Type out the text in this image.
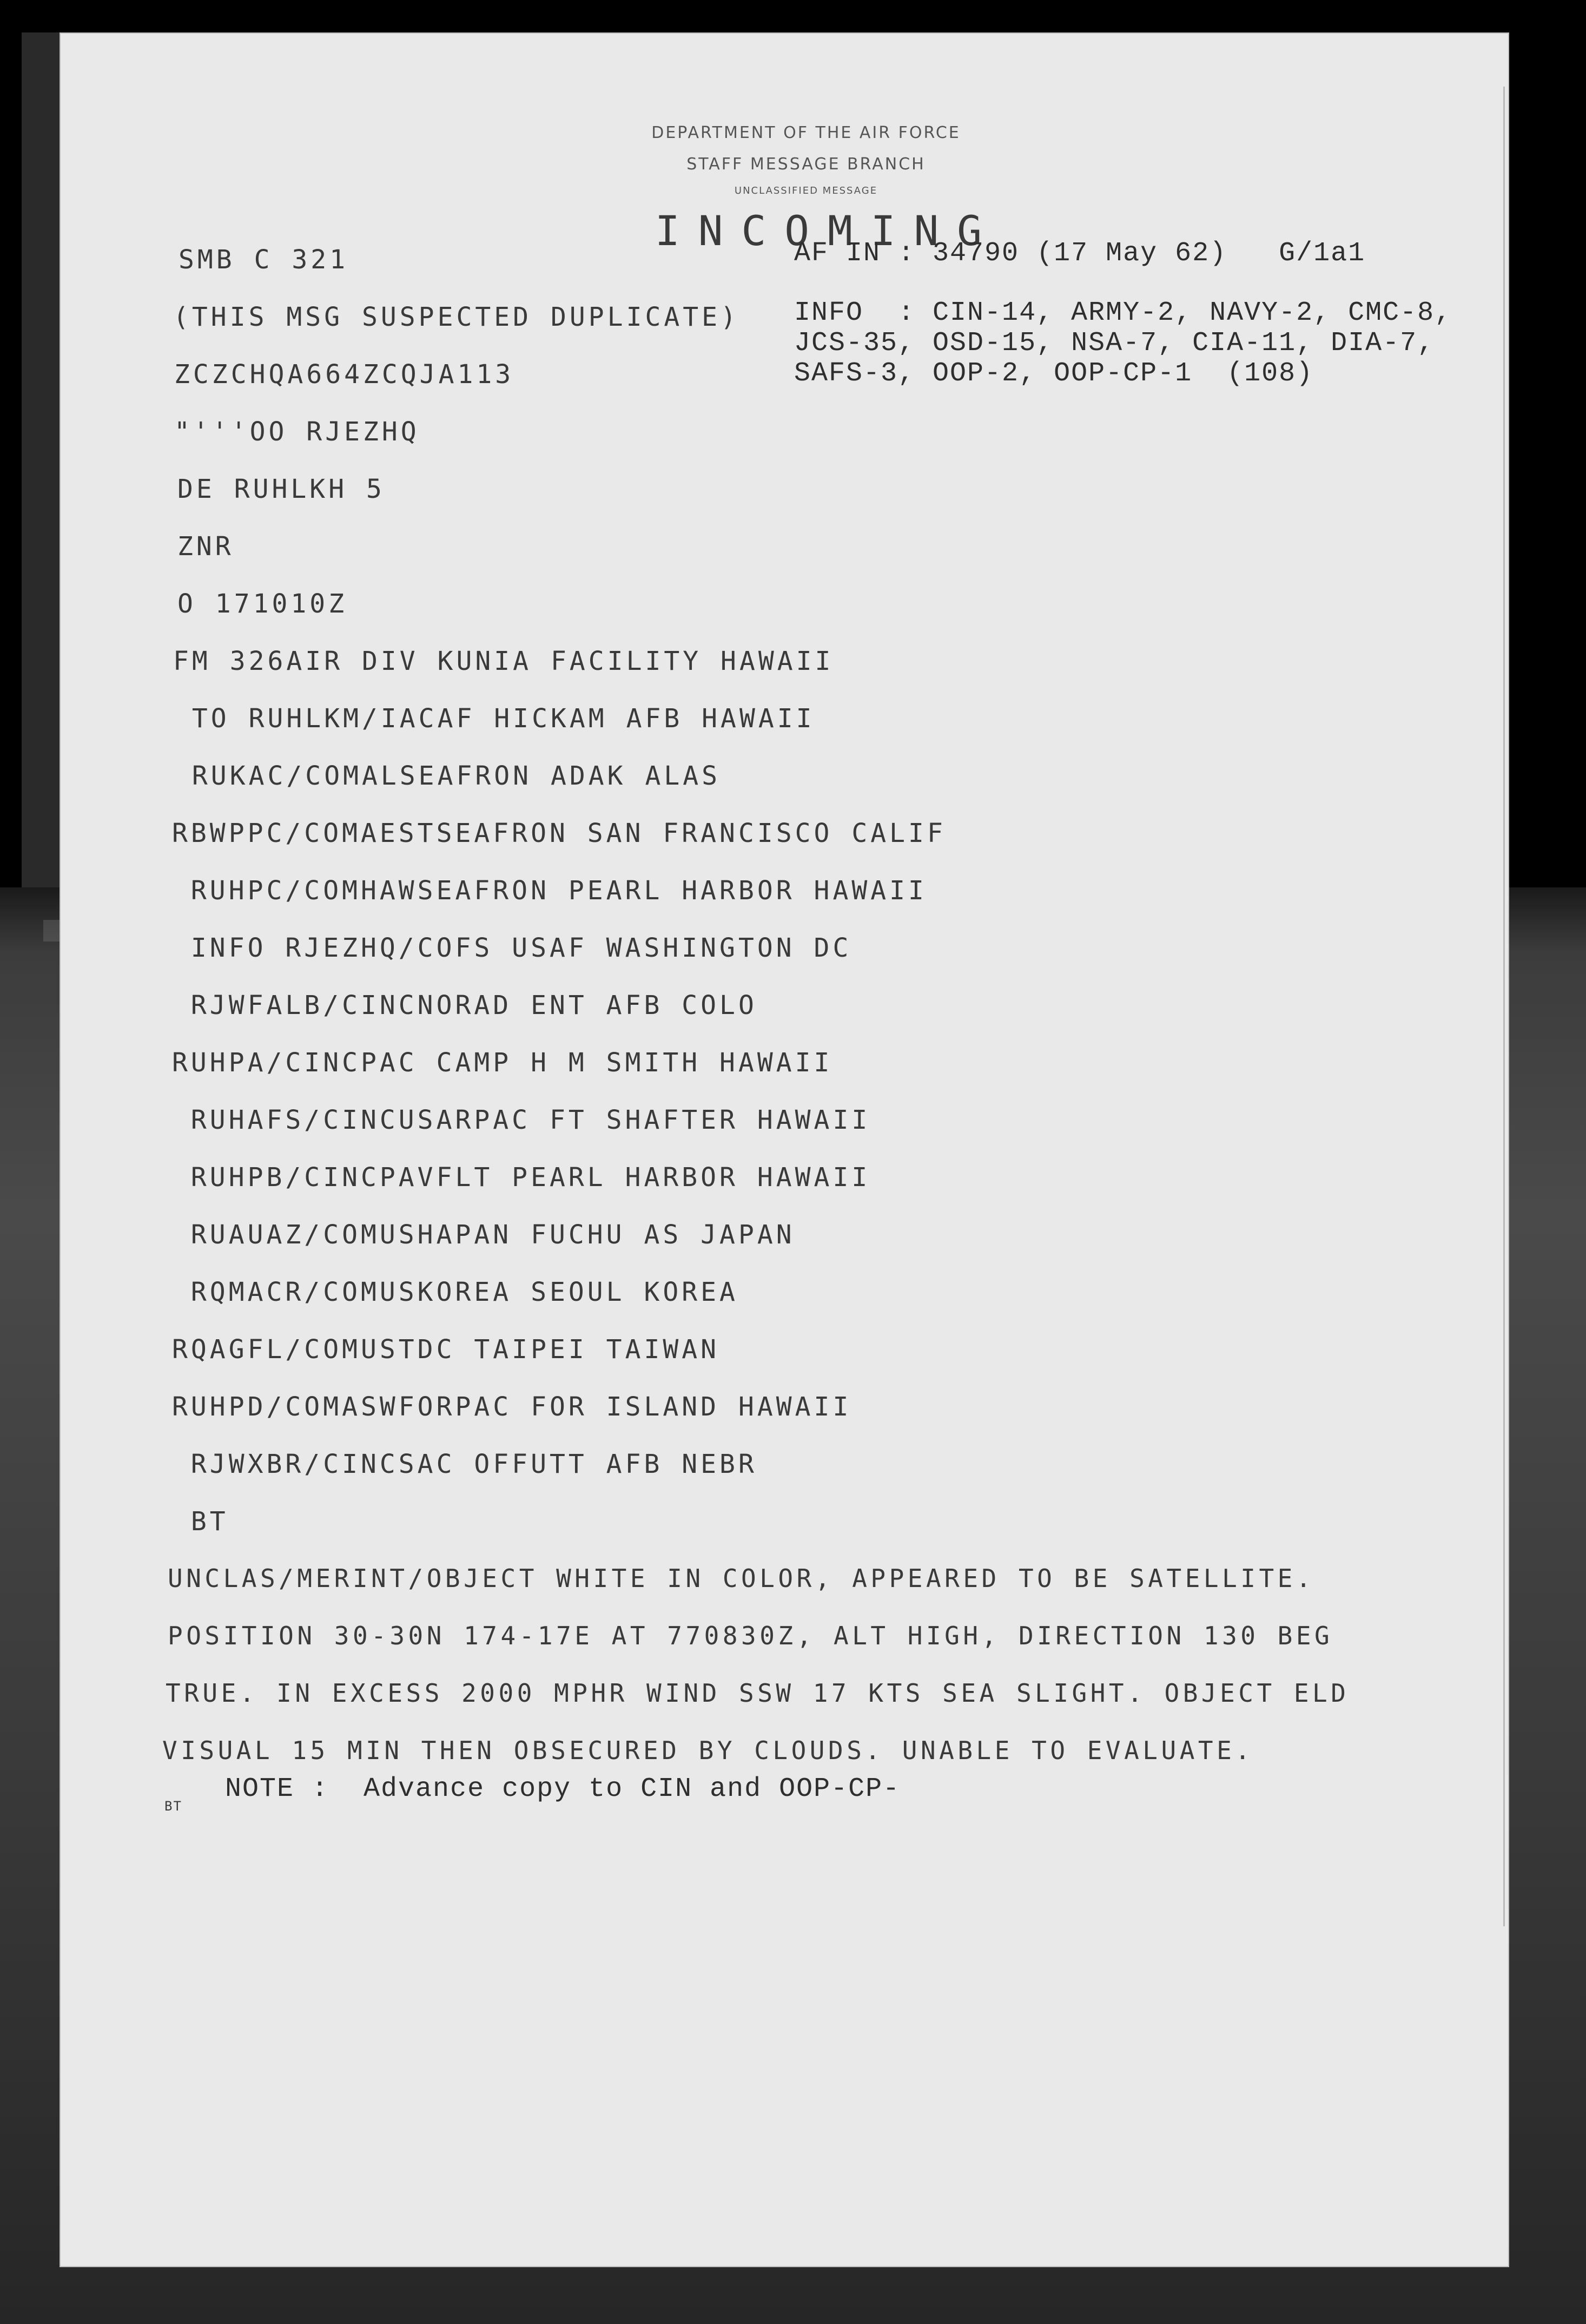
DEPARTMENT OF THE AIR FORCE
STAFF MESSAGE BRANCH
UNCLASSIFIED MESSAGE
INCOMING
SMB C 321	AF IN : 34790 (17 May 62)   G/1a1
(THIS MSG SUSPECTED DUPLICATE) INFO  : CIN-14, ARMY-2, NAVY-2, CMC-8,
JCS-35, OSD-15, NSA-7, CIA-11, DIA-7,
SAFS-3, OOP-2, OOP-CP-1  (108)
ZCZCHQA664ZCQJA113
"'''OO RJEZHQ
DE RUHLKH 5
ZNR
O 171010Z
FM 326AIR DIV KUNIA FACILITY HAWAII
TO RUHLKM/IACAF HICKAM AFB HAWAII
RUKAC/COMALSEAFRON ADAK ALAS
RBWPPC/COMAESTSEAFRON SAN FRANCISCO CALIF
RUHPC/COMHAWSEAFRON PEARL HARBOR HAWAII
INFO RJEZHQ/COFS USAF WASHINGTON DC
RJWFALB/CINCNORAD ENT AFB COLO
RUHPA/CINCPAC CAMP H M SMITH HAWAII
RUHAFS/CINCUSARPAC FT SHAFTER HAWAII
RUHPB/CINCPAVFLT PEARL HARBOR HAWAII
RUAUAZ/COMUSHAPAN FUCHU AS JAPAN
RQMACR/COMUSKOREA SEOUL KOREA
RQAGFL/COMUSTDC TAIPEI TAIWAN
RUHPD/COMASWFORPAC FOR ISLAND HAWAII
RJWXBR/CINCSAC OFFUTT AFB NEBR
BT
UNCLAS/MERINT/OBJECT WHITE IN COLOR, APPEARED TO BE SATELLITE.
POSITION 30-30N 174-17E AT 770830Z, ALT HIGH, DIRECTION 130 BEG
TRUE. IN EXCESS 2000 MPHR WIND SSW 17 KTS SEA SLIGHT. OBJECT ELD
VISUAL 15 MIN THEN OBSECURED BY CLOUDS. UNABLE TO EVALUATE.
BT
NOTE :  Advance copy to CIN and OOP-CP-
